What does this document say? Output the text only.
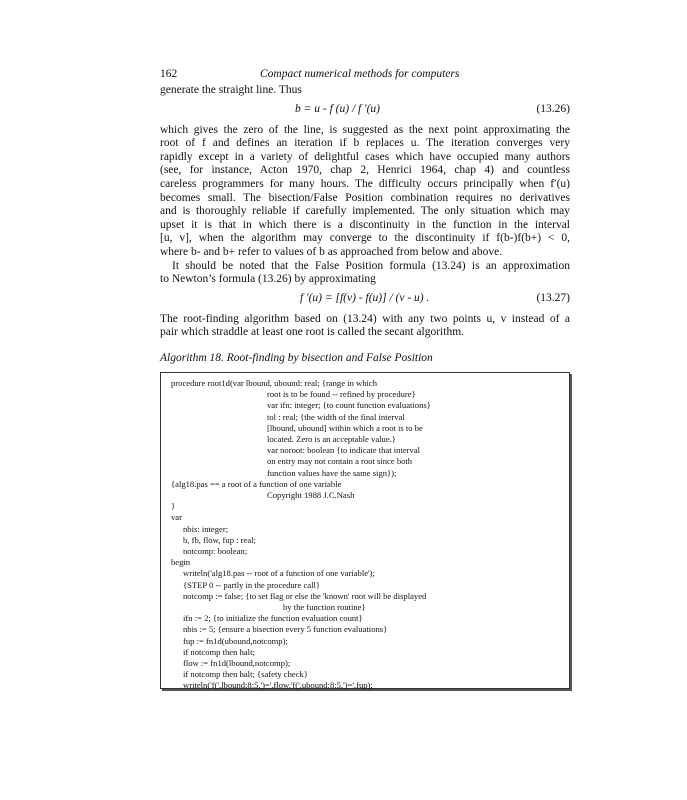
162	Compact numerical methods for computers

generate the straight line. Thus

b = u - f (u) / f ′(u)	(13.26)

which gives the zero of the line, is suggested as the next point approximating the
root of f and defines an iteration if b replaces u. The iteration converges very
rapidly except in a variety of delightful cases which have occupied many authors
(see, for instance, Acton 1970, chap 2, Henrici 1964, chap 4) and countless
careless programmers for many hours. The difficulty occurs principally when f′(u)
becomes small. The bisection/False Position combination requires no derivatives
and is thoroughly reliable if carefully implemented. The only situation which may
upset it is that in which there is a discontinuity in the function in the interval
[u, v], when the algorithm may converge to the discontinuity if f(b-)f(b+) < 0,
where b- and b+ refer to values of b as approached from below and above.

It should be noted that the False Position formula (13.24) is an approximation
to Newton’s formula (13.26) by approximating

f ′(u) = [f(v) - f(u)] / (v - u) .	(13.27)

The root-finding algorithm based on (13.24) with any two points u, v instead of a
pair which straddle at least one root is called the secant algorithm.

Algorithm 18. Root-finding by bisection and False Position
procedure root1d(var lbound, ubound: real; {range in which
root is to be found -- refined by procedure}
var ifn: integer; {to count function evaluations}
tol : real; {the width of the final interval
[lbound, ubound] within which a root is to be
located. Zero is an acceptable value.}
var noroot: boolean {to indicate that interval
on entry may not contain a root since both
function values have the same sign});
{alg18.pas == a root of a function of one variable
Copyright 1988 J.C.Nash
}
var
nbis: integer;
b, fb, flow, fup : real;
notcomp: boolean;
begin
writeln('alg18.pas -- root of a function of one variable');
{STEP 0 -- partly in the procedure call}
notcomp := false; {to set flag or else the 'known' root will be displayed
by the function routine}
ifn := 2; {to initialize the function evaluation count}
nbis := 5; {ensure a bisection every 5 function evaluations}
fup := fn1d(ubound,notcomp);
if notcomp then halt;
flow := fn1d(lbound,notcomp);
if notcomp then halt; {safety check}
writeln('f(',lbound:8:5,')=',flow,'f(',ubound:8:5,')=',fup);
